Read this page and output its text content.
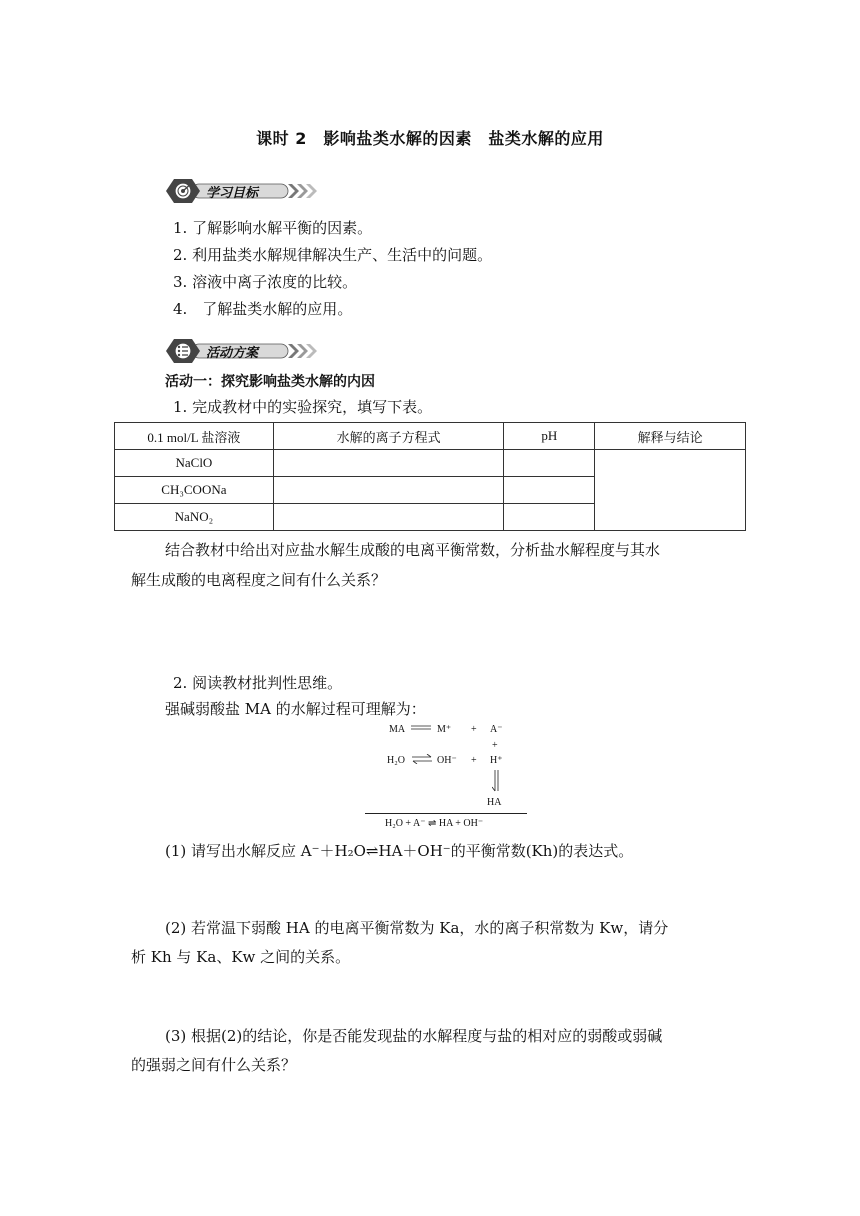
课时 2　影响盐类水解的因素　盐类水解的应用
学习目标
1. 了解影响水解平衡的因素。
2. 利用盐类水解规律解决生产、生活中的问题。
3. 溶液中离子浓度的比较。
4.　了解盐类水解的应用。
活动方案
活动一：探究影响盐类水解的内因
1. 完成教材中的实验探究，填写下表。
0.1 mol/L 盐溶液	水解的离子方程式	pH	解释与结论
NaClO			
CH₃COONa			
NaNO₂			
结合教材中给出对应盐水解生成酸的电离平衡常数，分析盐水解程度与其水
解生成酸的电离程度之间有什么关系？
2. 阅读教材批判性思维。
强碱弱酸盐 MA 的水解过程可理解为：
MA	M⁺ + A⁻
+
H₂O ⇌ OH⁻ + H⁺
HA
H₂O + A⁻ ⇌ HA + OH⁻
(1) 请写出水解反应 A⁻＋H₂O⇌HA＋OH⁻的平衡常数(Kh)的表达式。
(2) 若常温下弱酸 HA 的电离平衡常数为 Ka，水的离子积常数为 Kw，请分
析 Kh 与 Ka、Kw 之间的关系。
(3) 根据(2)的结论，你是否能发现盐的水解程度与盐的相对应的弱酸或弱碱
的强弱之间有什么关系？
